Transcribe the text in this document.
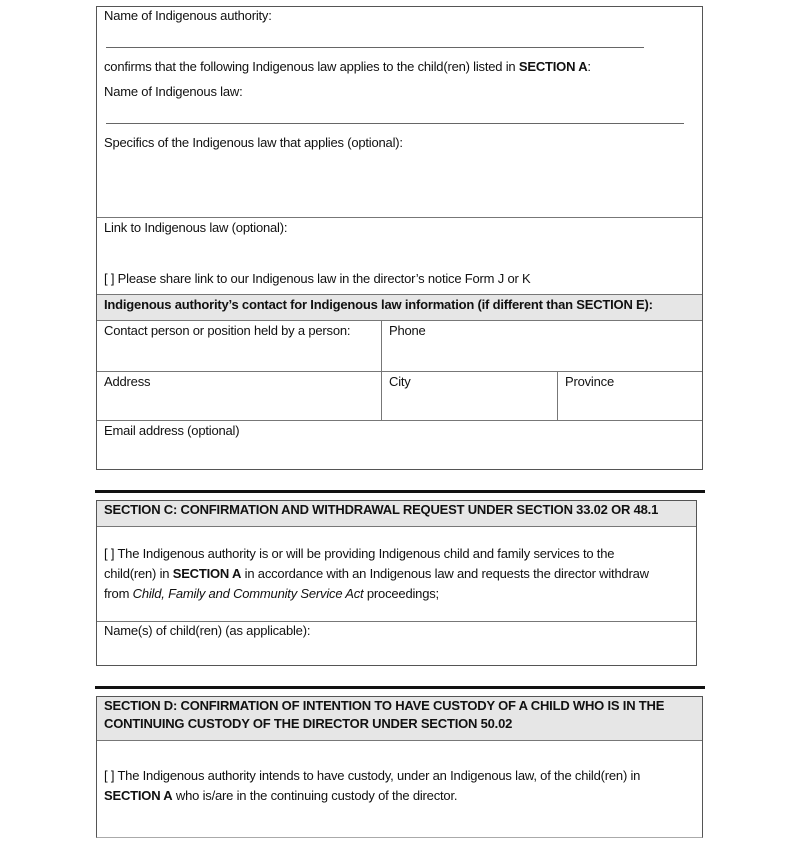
Name of Indigenous authority:
confirms that the following Indigenous law applies to the child(ren) listed in SECTION A:
Name of Indigenous law:
Specifics of the Indigenous law that applies (optional):
Link to Indigenous law (optional):
[ ] Please share link to our Indigenous law in the director’s notice Form J or K
Indigenous authority’s contact for Indigenous law information (if different than SECTION E):
Contact person or position held by a person:	Phone
Address	City	Province
Email address (optional)
SECTION C: CONFIRMATION AND WITHDRAWAL REQUEST UNDER SECTION 33.02 OR 48.1
[ ] The Indigenous authority is or will be providing Indigenous child and family services to the
child(ren) in SECTION A in accordance with an Indigenous law and requests the director withdraw
from Child, Family and Community Service Act proceedings;
Name(s) of child(ren) (as applicable):
SECTION D: CONFIRMATION OF INTENTION TO HAVE CUSTODY OF A CHILD WHO IS IN THE
CONTINUING CUSTODY OF THE DIRECTOR UNDER SECTION 50.02
[ ] The Indigenous authority intends to have custody, under an Indigenous law, of the child(ren) in
SECTION A who is/are in the continuing custody of the director.
